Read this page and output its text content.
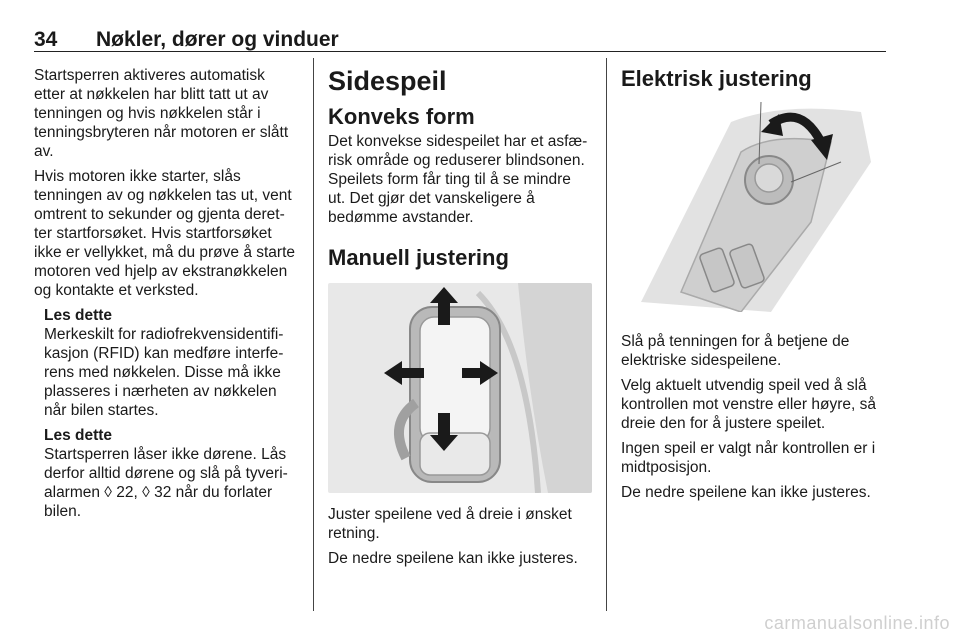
34 Nøkler, dører og vinduer

Startsperren aktiveres automatisk etter at nøkkelen har blitt tatt ut av tenningen og hvis nøkkelen står i tenningsbryteren når motoren er slått av.

Hvis motoren ikke starter, slås tenningen av og nøkkelen tas ut, vent omtrent to sekunder og gjenta deret-ter startforsøket. Hvis startforsøket ikke er vellykket, må du prøve å starte motoren ved hjelp av ekstranøkkelen og kontakte et verksted.

Les dette

Merkeskilt for radiofrekvensidentifi-kasjon (RFID) kan medføre interfe-rens med nøkkelen. Disse må ikke plasseres i nærheten av nøkkelen når bilen startes.

Les dette

Startsperren låser ikke dørene. Lås derfor alltid dørene og slå på tyveri-alarmen ◊ 22, ◊ 32 når du forlater bilen.

Sidespeil
Konveks form

Det konvekse sidespeilet har et asfæ-risk område og reduserer blindsonen. Speilets form får ting til å se mindre ut. Det gjør det vanskeligere å bedømme avstander.

Manuell justering

Juster speilene ved å dreie i ønsket retning.

De nedre speilene kan ikke justeres.

Elektrisk justering

Slå på tenningen for å betjene de elektriske sidespeilene.

Velg aktuelt utvendig speil ved å slå kontrollen mot venstre eller høyre, så dreie den for å justere speilet.

Ingen speil er valgt når kontrollen er i midtposisjon.

De nedre speilene kan ikke justeres.

carmanualsonline.info
